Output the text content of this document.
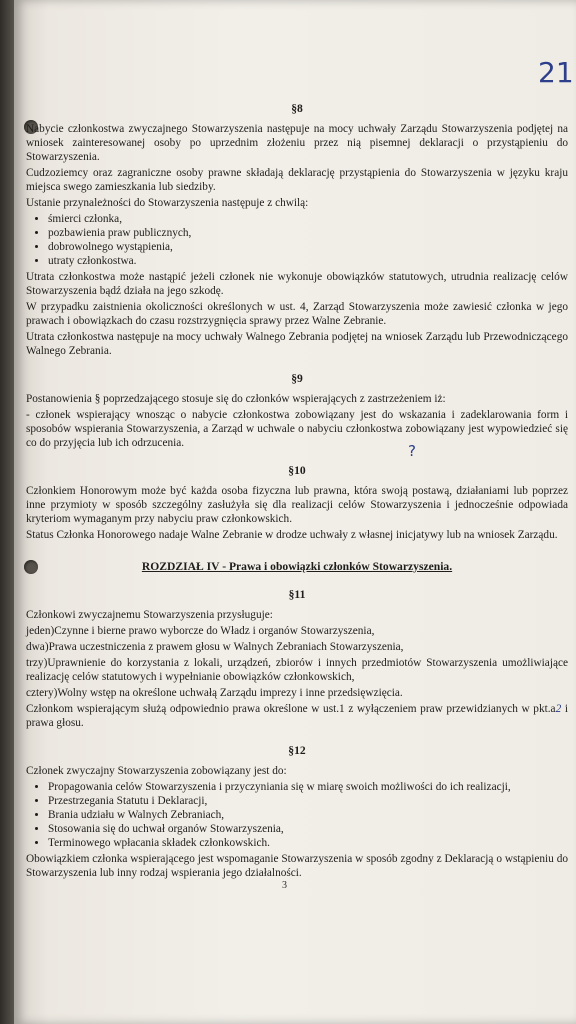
21
?
§8

Nabycie członkostwa zwyczajnego Stowarzyszenia następuje na mocy uchwały Zarządu Stowarzyszenia podjętej na wniosek zainteresowanej osoby po uprzednim złożeniu przez nią pisemnej deklaracji o przystąpieniu do Stowarzyszenia.

Cudzoziemcy oraz zagraniczne osoby prawne składają deklarację przystąpienia do Stowarzyszenia w języku kraju miejsca swego zamieszkania lub siedziby.

Ustanie przynależności do Stowarzyszenia następuje z chwilą:

• śmierci członka,
• pozbawienia praw publicznych,
• dobrowolnego wystąpienia,
• utraty członkostwa.

Utrata członkostwa może nastąpić jeżeli członek nie wykonuje obowiązków statutowych, utrudnia realizację celów Stowarzyszenia bądź działa na jego szkodę.

W przypadku zaistnienia okoliczności określonych w ust. 4, Zarząd Stowarzyszenia może zawiesić członka w jego prawach i obowiązkach do czasu rozstrzygnięcia sprawy przez Walne Zebranie.

Utrata członkostwa następuje na mocy uchwały Walnego Zebrania podjętej na wniosek Zarządu lub Przewodniczącego Walnego Zebrania.

§9

Postanowienia § poprzedzającego stosuje się do członków wspierających z zastrzeżeniem iż:

- członek wspierający wnosząc o nabycie członkostwa zobowiązany jest do wskazania i zadeklarowania form i sposobów wspierania Stowarzyszenia, a Zarząd w uchwale o nabyciu członkostwa zobowiązany jest wypowiedzieć się co do przyjęcia lub ich odrzucenia.

§10

Członkiem Honorowym może być każda osoba fizyczna lub prawna, która swoją postawą, działaniami lub poprzez inne przymioty w sposób szczególny zasłużyła się dla realizacji celów Stowarzyszenia i jednocześnie odpowiada kryteriom wymaganym przy nabyciu praw członkowskich.

Status Członka Honorowego nadaje Walne Zebranie w drodze uchwały z własnej inicjatywy lub na wniosek Zarządu.

ROZDZIAŁ IV - Prawa i obowiązki członków Stowarzyszenia.
§11

Członkowi zwyczajnemu Stowarzyszenia przysługuje:

jeden)Czynne i bierne prawo wyborcze do Władz i organów Stowarzyszenia,

dwa)Prawa uczestniczenia z prawem głosu w Walnych Zebraniach Stowarzyszenia,

trzy)Uprawnienie do korzystania z lokali, urządzeń, zbiorów i innych przedmiotów Stowarzyszenia umożliwiające realizację celów statutowych i wypełnianie obowiązków członkowskich,

cztery)Wolny wstęp na określone uchwałą Zarządu imprezy i inne przedsięwzięcia.

Członkom wspierającym służą odpowiednio prawa określone w ust.1 z wyłączeniem praw przewidzianych w pkt.a2 i prawa głosu.

§12

Członek zwyczajny Stowarzyszenia zobowiązany jest do:

• Propagowania celów Stowarzyszenia i przyczyniania się w miarę swoich możliwości do ich realizacji,
• Przestrzegania Statutu i Deklaracji,
• Brania udziału w Walnych Zebraniach,
• Stosowania się do uchwał organów Stowarzyszenia,
• Terminowego wpłacania składek członkowskich.

Obowiązkiem członka wspierającego jest wspomaganie Stowarzyszenia w sposób zgodny z Deklaracją o wstąpieniu do Stowarzyszenia lub inny rodzaj wspierania jego działalności.

3
